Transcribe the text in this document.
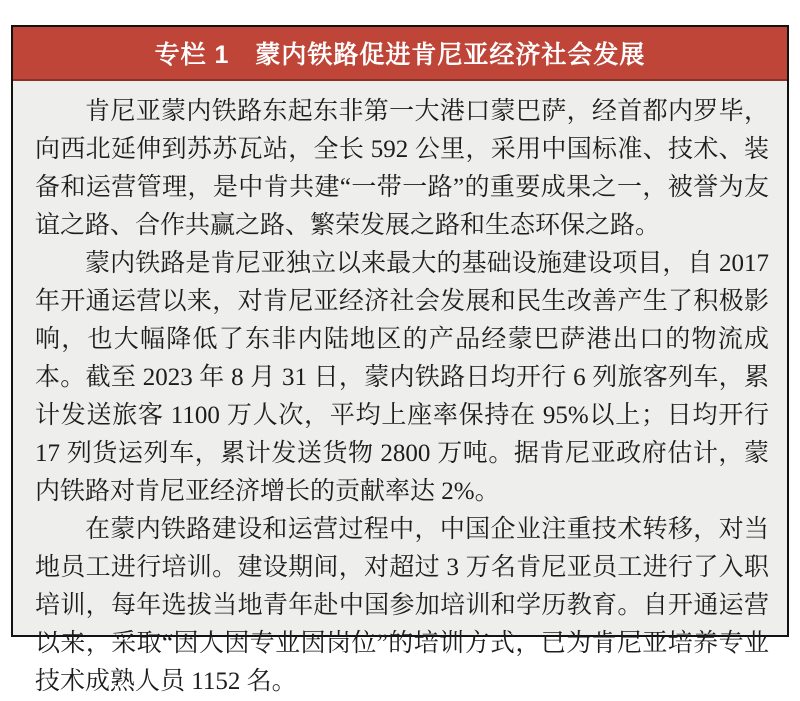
专栏 1 蒙内铁路促进肯尼亚经济社会发展

肯尼亚蒙内铁路东起东非第一大港口蒙巴萨，经首都内罗毕，向西北延伸到苏苏瓦站，全长 592 公里，采用中国标准、技术、装备和运营管理，是中肯共建“一带一路”的重要成果之一，被誉为友谊之路、合作共赢之路、繁荣发展之路和生态环保之路。

蒙内铁路是肯尼亚独立以来最大的基础设施建设项目，自 2017 年开通运营以来，对肯尼亚经济社会发展和民生改善产生了积极影响，也大幅降低了东非内陆地区的产品经蒙巴萨港出口的物流成本。截至 2023 年 8 月 31 日，蒙内铁路日均开行 6 列旅客列车，累计发送旅客 1100 万人次，平均上座率保持在 95%以上；日均开行 17 列货运列车，累计发送货物 2800 万吨。据肯尼亚政府估计，蒙内铁路对肯尼亚经济增长的贡献率达 2%。

在蒙内铁路建设和运营过程中，中国企业注重技术转移，对当地员工进行培训。建设期间，对超过 3 万名肯尼亚员工进行了入职培训，每年选拔当地青年赴中国参加培训和学历教育。自开通运营以来，采取“因人因专业因岗位”的培训方式，已为肯尼亚培养专业技术成熟人员 1152 名。
